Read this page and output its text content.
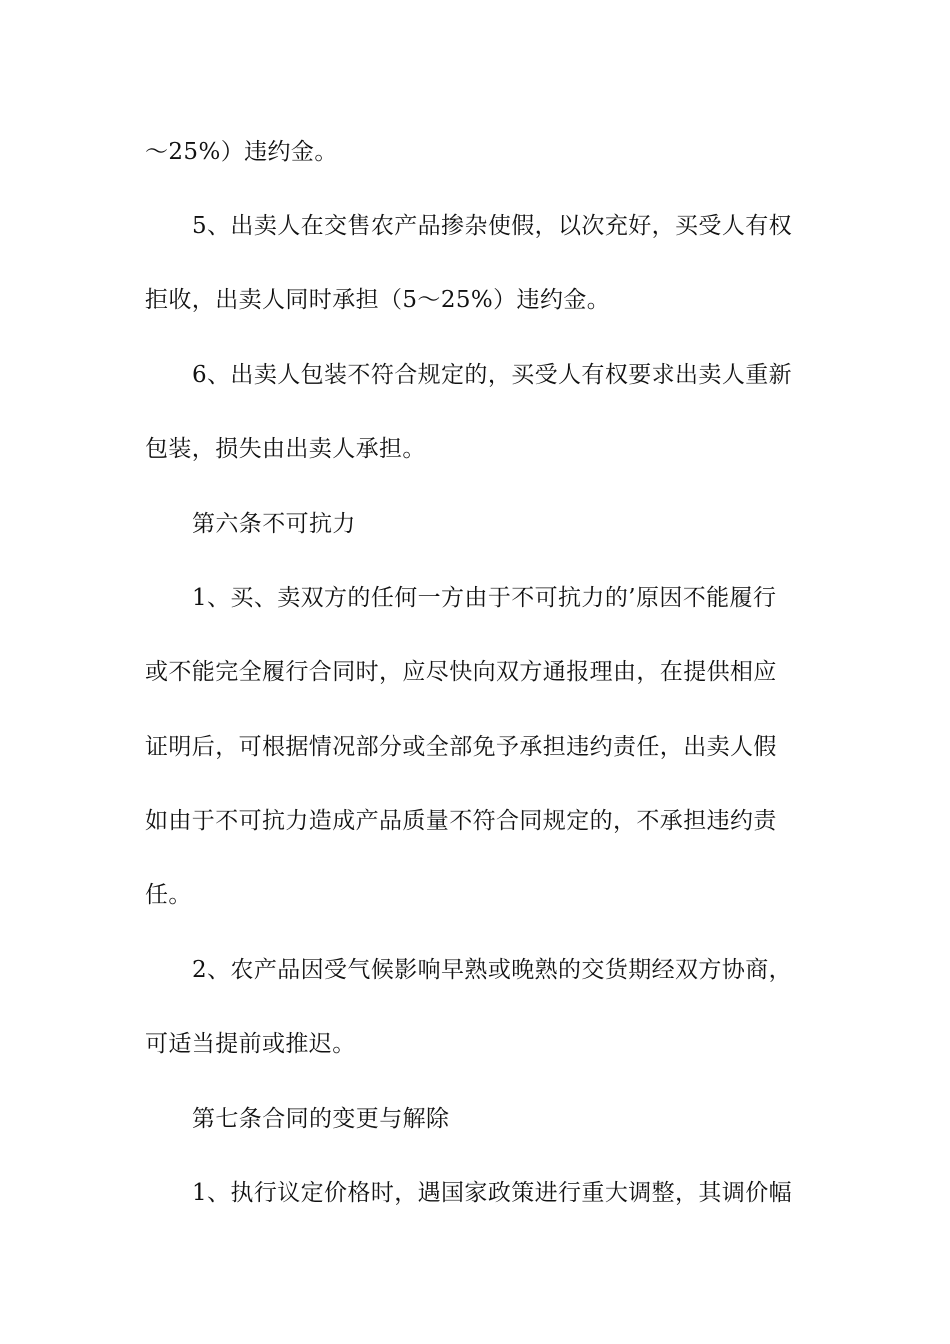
～25%）违约金。
5、出卖人在交售农产品掺杂使假，以次充好，买受人有权
拒收，出卖人同时承担（5～25%）违约金。
6、出卖人包装不符合规定的，买受人有权要求出卖人重新
包装，损失由出卖人承担。
第六条不可抗力
1、买、卖双方的任何一方由于不可抗力的’原因不能履行
或不能完全履行合同时，应尽快向双方通报理由，在提供相应
证明后，可根据情况部分或全部免予承担违约责任，出卖人假
如由于不可抗力造成产品质量不符合同规定的，不承担违约责
任。
2、农产品因受气候影响早熟或晚熟的交货期经双方协商，
可适当提前或推迟。
第七条合同的变更与解除
1、执行议定价格时，遇国家政策进行重大调整，其调价幅
